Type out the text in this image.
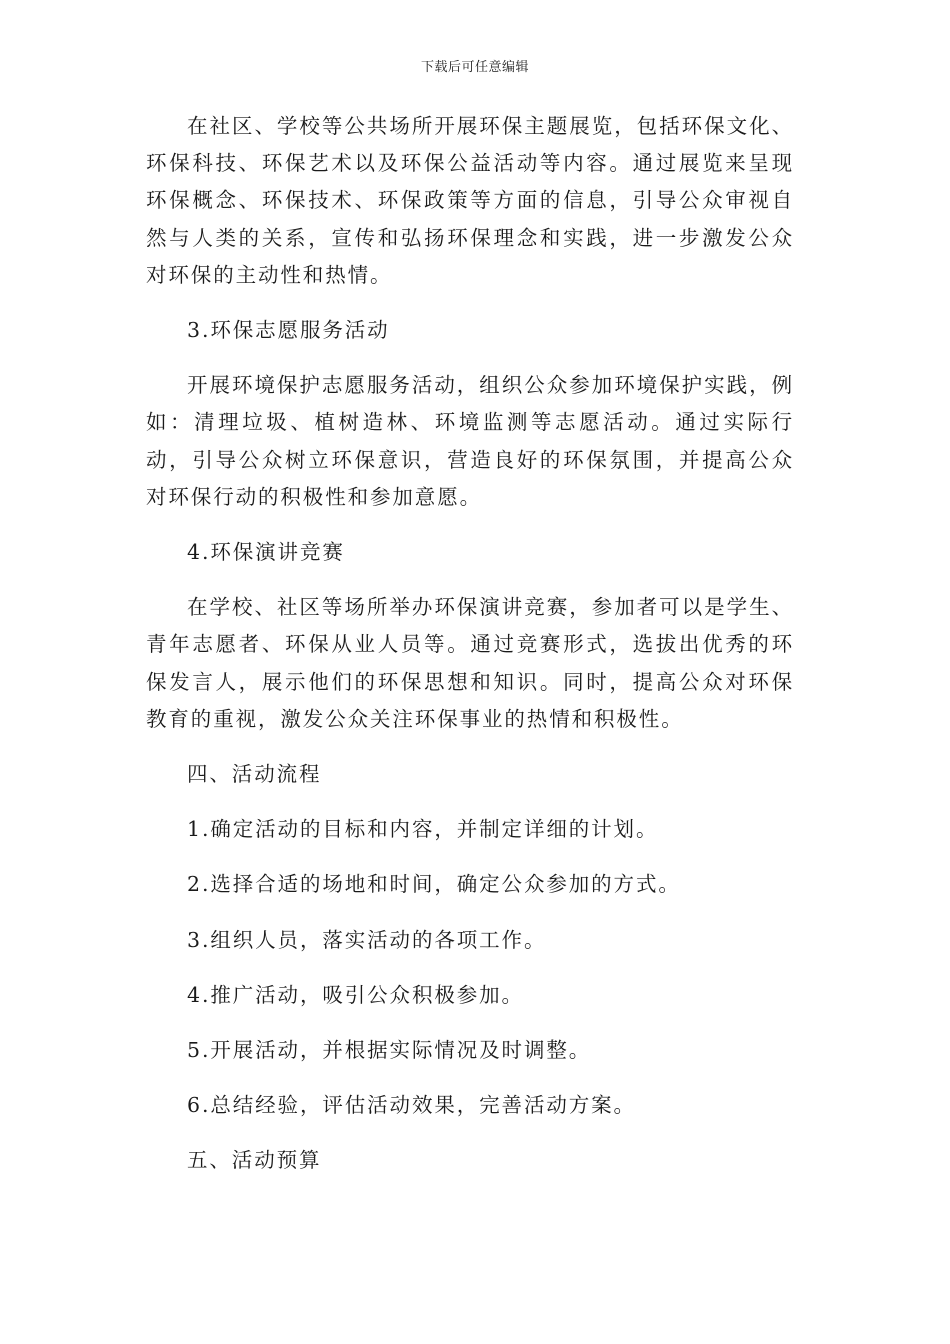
下载后可任意编辑

在社区、学校等公共场所开展环保主题展览，包括环保文化、环保科技、环保艺术以及环保公益活动等内容。通过展览来呈现环保概念、环保技术、环保政策等方面的信息，引导公众审视自然与人类的关系，宣传和弘扬环保理念和实践，进一步激发公众对环保的主动性和热情。

3.环保志愿服务活动

开展环境保护志愿服务活动，组织公众参加环境保护实践，例如：清理垃圾、植树造林、环境监测等志愿活动。通过实际行动，引导公众树立环保意识，营造良好的环保氛围，并提高公众对环保行动的积极性和参加意愿。

4.环保演讲竞赛

在学校、社区等场所举办环保演讲竞赛，参加者可以是学生、青年志愿者、环保从业人员等。通过竞赛形式，选拔出优秀的环保发言人，展示他们的环保思想和知识。同时，提高公众对环保教育的重视，激发公众关注环保事业的热情和积极性。

四、活动流程

1.确定活动的目标和内容，并制定详细的计划。

2.选择合适的场地和时间，确定公众参加的方式。

3.组织人员，落实活动的各项工作。

4.推广活动，吸引公众积极参加。

5.开展活动，并根据实际情况及时调整。

6.总结经验，评估活动效果，完善活动方案。

五、活动预算
